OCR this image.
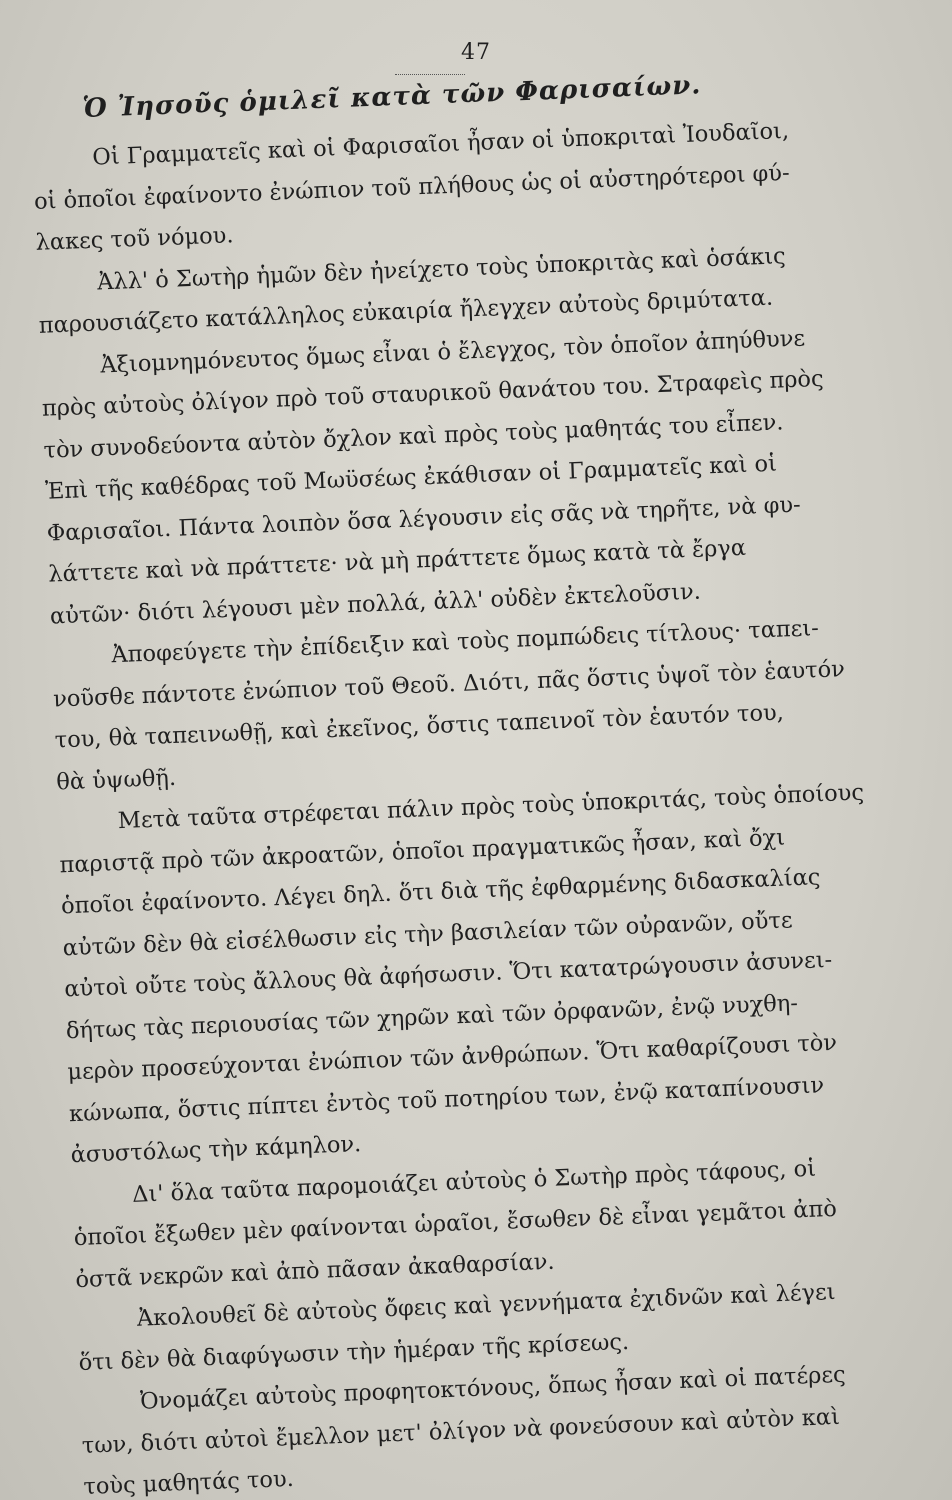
47
Ὁ Ἰησοῦς ὁμιλεῖ κατὰ τῶν Φαρισαίων.
Οἱ Γραμματεῖς καὶ οἱ Φαρισαῖοι ἦσαν οἱ ὑποκριταὶ Ἰουδαῖοι,
οἱ ὁποῖοι ἐφαίνοντο ἐνώπιον τοῦ πλήθους ὡς οἱ αὐστηρότεροι φύ-
λακες τοῦ νόμου.
Ἀλλ' ὁ Σωτὴρ ἡμῶν δὲν ἠνείχετο τοὺς ὑποκριτὰς καὶ ὁσάκις
παρουσιάζετο κατάλληλος εὐκαιρία ἤλεγχεν αὐτοὺς δριμύτατα.
Ἀξιομνημόνευτος ὅμως εἶναι ὁ ἔλεγχος, τὸν ὁποῖον ἀπηύθυνε
πρὸς αὐτοὺς ὀλίγον πρὸ τοῦ σταυρικοῦ θανάτου του. Στραφεὶς πρὸς
τὸν συνοδεύοντα αὐτὸν ὄχλον καὶ πρὸς τοὺς μαθητάς του εἶπεν.
Ἐπὶ τῆς καθέδρας τοῦ Μωϋσέως ἐκάθισαν οἱ Γραμματεῖς καὶ οἱ
Φαρισαῖοι. Πάντα λοιπὸν ὅσα λέγουσιν εἰς σᾶς νὰ τηρῆτε, νὰ φυ-
λάττετε καὶ νὰ πράττετε· νὰ μὴ πράττετε ὅμως κατὰ τὰ ἔργα
αὐτῶν· διότι λέγουσι μὲν πολλά, ἀλλ' οὐδὲν ἐκτελοῦσιν.
Ἀποφεύγετε τὴν ἐπίδειξιν καὶ τοὺς πομπώδεις τίτλους· ταπει-
νοῦσθε πάντοτε ἐνώπιον τοῦ Θεοῦ. Διότι, πᾶς ὅστις ὑψοῖ τὸν ἑαυτόν
του, θὰ ταπεινωθῇ, καὶ ἐκεῖνος, ὅστις ταπεινοῖ τὸν ἑαυτόν του,
θὰ ὑψωθῇ.
Μετὰ ταῦτα στρέφεται πάλιν πρὸς τοὺς ὑποκριτάς, τοὺς ὁποίους
παριστᾷ πρὸ τῶν ἀκροατῶν, ὁποῖοι πραγματικῶς ἦσαν, καὶ ὄχι
ὁποῖοι ἐφαίνοντο. Λέγει δηλ. ὅτι διὰ τῆς ἐφθαρμένης διδασκαλίας
αὐτῶν δὲν θὰ εἰσέλθωσιν εἰς τὴν βασιλείαν τῶν οὐρανῶν, οὔτε
αὐτοὶ οὔτε τοὺς ἄλλους θὰ ἀφήσωσιν. Ὅτι κατατρώγουσιν ἀσυνει-
δήτως τὰς περιουσίας τῶν χηρῶν καὶ τῶν ὀρφανῶν, ἐνῷ νυχθη-
μερὸν προσεύχονται ἐνώπιον τῶν ἀνθρώπων. Ὅτι καθαρίζουσι τὸν
κώνωπα, ὅστις πίπτει ἐντὸς τοῦ ποτηρίου των, ἐνῷ καταπίνουσιν
ἀσυστόλως τὴν κάμηλον.
Δι' ὅλα ταῦτα παρομοιάζει αὐτοὺς ὁ Σωτὴρ πρὸς τάφους, οἱ
ὁποῖοι ἔξωθεν μὲν φαίνονται ὡραῖοι, ἔσωθεν δὲ εἶναι γεμᾶτοι ἀπὸ
ὀστᾶ νεκρῶν καὶ ἀπὸ πᾶσαν ἀκαθαρσίαν.
Ἀκολουθεῖ δὲ αὐτοὺς ὄφεις καὶ γεννήματα ἐχιδνῶν καὶ λέγει
ὅτι δὲν θὰ διαφύγωσιν τὴν ἡμέραν τῆς κρίσεως.
Ὀνομάζει αὐτοὺς προφητοκτόνους, ὅπως ἦσαν καὶ οἱ πατέρες
των, διότι αὐτοὶ ἔμελλον μετ' ὀλίγον νὰ φονεύσουν καὶ αὐτὸν καὶ
τοὺς μαθητάς του.
